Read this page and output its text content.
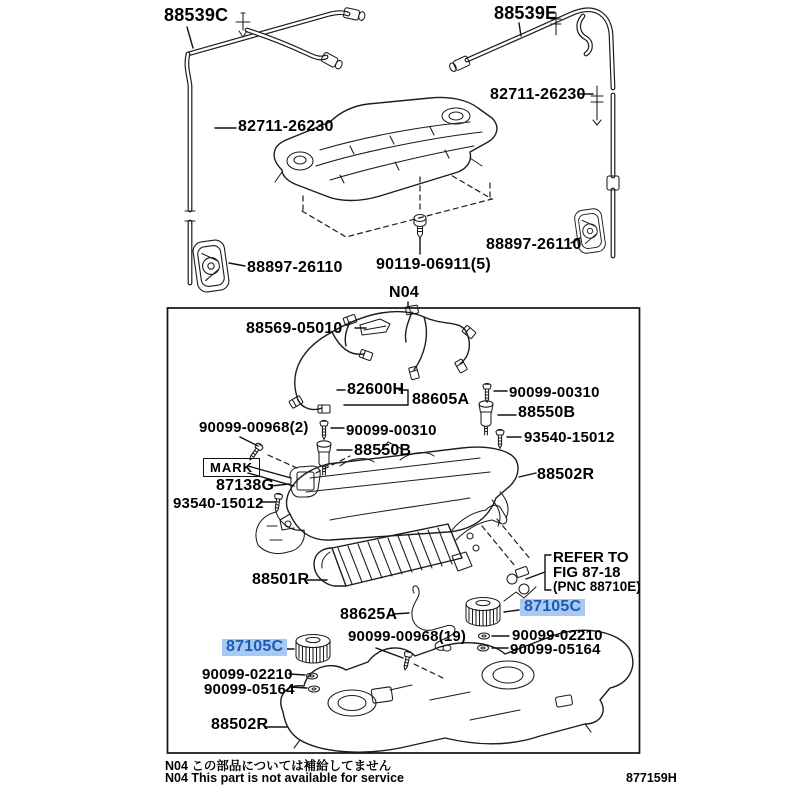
88539C	88539E
82711-26230
82711-26230
88897-26110 90119-06911(5)
88897-26110
N04
88569-05010
82600H
88605A	90099-00310
88550B
93540-15012
90099-00968(2) 90099-00310
88550B
MARK
87138G
93540-15012
88502R
88501R
REFER TO
FIG 87-18
(PNC 88710E)
88625A	87105C
90099-00968(19)	90099-02210
90099-05164
87105C
90099-02210
90099-05164
88502R
N04 この部品については補給してません
N04 This part is not available for service	877159H
